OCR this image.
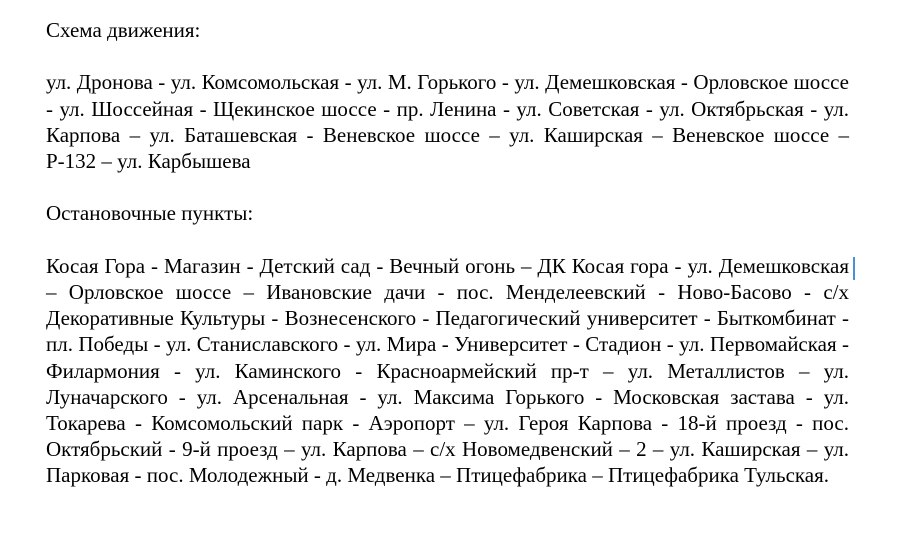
Схема движения:

ул. Дронова - ул. Комсомольская - ул. М. Горького - ул. Демешковская - Орловское шоссе - ул. Шоссейная - Щекинское шоссе - пр. Ленина - ул. Советская - ул. Октябрьская - ул. Карпова – ул. Баташевская - Веневское шоссе – ул. Каширская – Веневское шоссе – Р-132 – ул. Карбышева

Остановочные пункты:

Косая Гора - Магазин - Детский сад - Вечный огонь – ДК Косая гора - ул. Демешковская – Орловское шоссе – Ивановские дачи - пос. Менделеевский - Ново-Басово - с/х Декоративные Культуры - Вознесенского - Педагогический университет - Быткомбинат - пл. Победы - ул. Станиславского - ул. Мира - Университет - Стадион - ул. Первомайская - Филармония - ул. Каминского - Красноармейский пр-т – ул. Металлистов – ул. Луначарского - ул. Арсенальная - ул. Максима Горького - Московская застава - ул. Токарева - Комсомольский парк - Аэропорт – ул. Героя Карпова - 18-й проезд - пос. Октябрьский - 9-й проезд – ул. Карпова – с/х Новомедвенский – 2 – ул. Каширская – ул. Парковая - пос. Молодежный - д. Медвенка – Птицефабрика – Птицефабрика Тульская.
